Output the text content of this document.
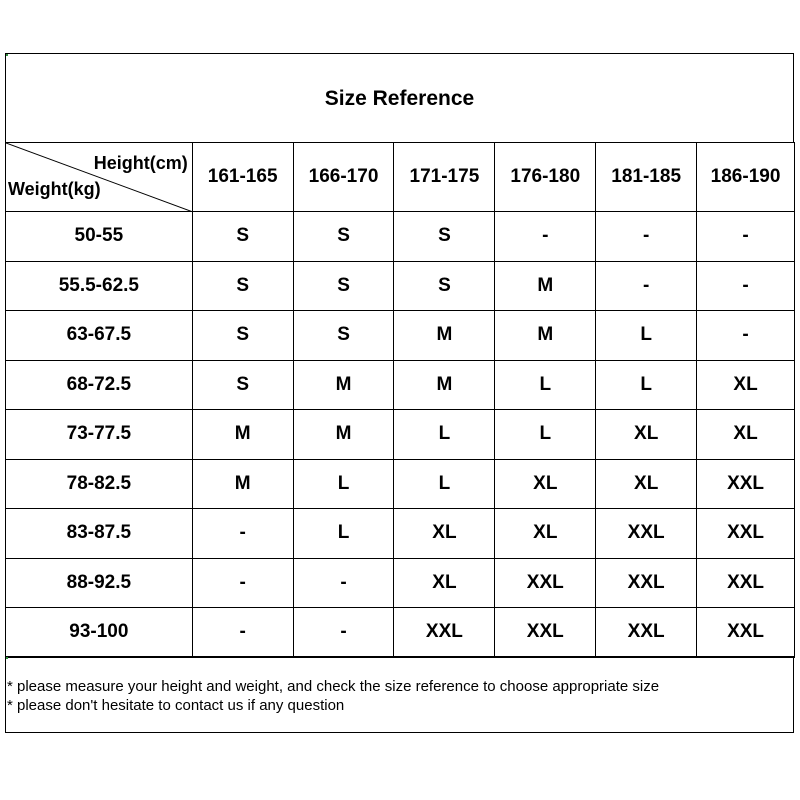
Size Reference
Height(cm)
Weight(kg)	161-165	166-170	171-175	176-180	181-185	186-190
50-55	S	S	S	-	-	-
55.5-62.5	S	S	S	M	-	-
63-67.5	S	S	M	M	L	-
68-72.5	S	M	M	L	L	XL
73-77.5	M	M	L	L	XL	XL
78-82.5	M	L	L	XL	XL	XXL
83-87.5	-	L	XL	XL	XXL	XXL
88-92.5	-	-	XL	XXL	XXL	XXL
93-100	-	-	XXL	XXL	XXL	XXL
* please measure your height and weight, and check the size reference to choose appropriate size
* please don't hesitate to contact us if any question
